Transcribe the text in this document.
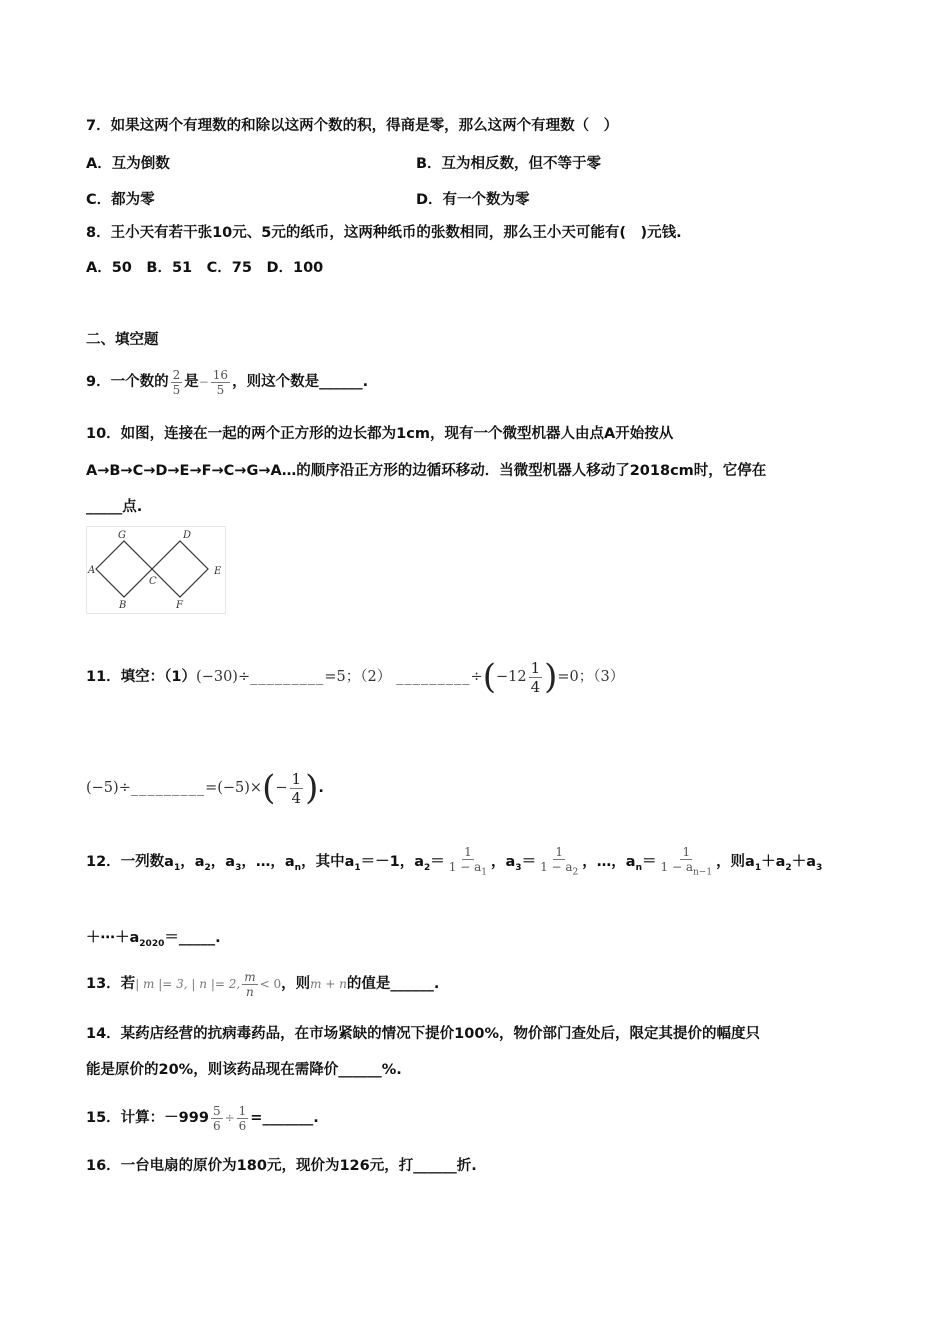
7．如果这两个有理数的和除以这两个数的积，得商是零，那么这两个有理数（　）
A．互为倒数	B．互为相反数，但不等于零
C．都为零	D．有一个数为零
8．王小天有若干张10元、5元的纸币，这两种纸币的张数相同，那么王小天可能有(　)元钱.
A．50　B．51　C．75　D．100
二、填空题
9．一个数的 $\frac{2}{5}$ 是− $\frac{16}{5}$ ，则这个数是______.
10．如图，连接在一起的两个正方形的边长都为1cm，现有一个微型机器人由点A开始按从
A→B→C→D→E→F→C→G→A…的顺序沿正方形的边循环移动．当微型机器人移动了2018cm时，它停在
_____点.
A
B
C
D
E
F
G
11．填空：（1）(−30)÷_________=5；（2） _________÷(−12 $\frac{1}{4} )=0$；（3）
(−5)÷_________=(−5)×(− $\frac{1}{4}$ ).
12．一列数$a_1$，$a_2$，$a_3$，…，$a_n$，其中$a_1=-1$，$a_2= \frac{1}{1 - a_1}$ ，$a_3= \frac{1}{1 - a_2}$ ，…，$a_n= \frac{1}{1 - a_{n-1}}$ ，则$a_1+a_2+a_3$
$+\cdots+a_{2020}=\_\_\_\_\_$.
13．若| m |= 3, | n |= 2, $\frac{m}{n} < 0$，则m + n的值是______.
14．某药店经营的抗病毒药品，在市场紧缺的情况下提价100%，物价部门查处后，限定其提价的幅度只
能是原价的20%，则该药品现在需降价______%.
15．计算：$-999 \frac{5}{6} \div \frac{1}{6}$ =_______.
16．一台电扇的原价为180元，现价为126元，打______折.
